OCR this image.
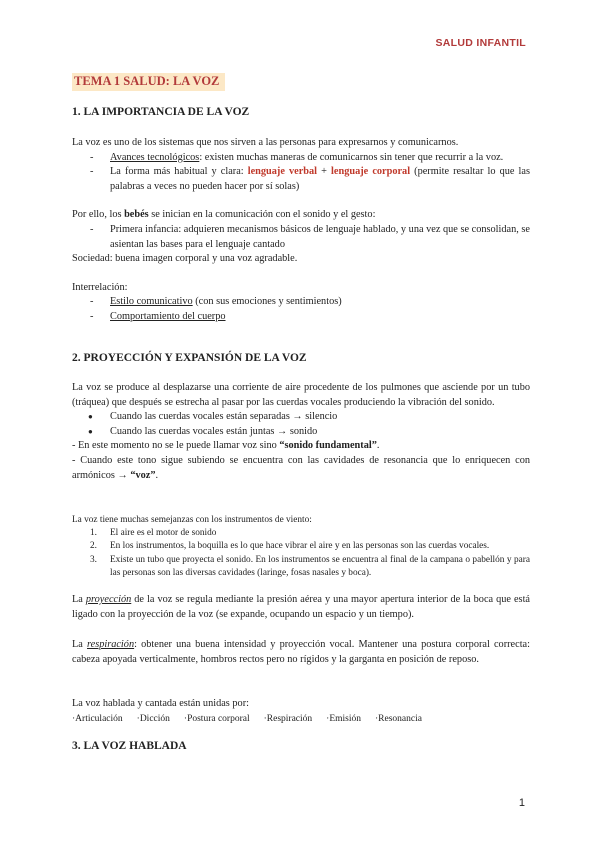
SALUD INFANTIL
TEMA 1 SALUD: LA VOZ
1. LA IMPORTANCIA DE LA VOZ
La voz es uno de los sistemas que nos sirven a las personas para expresarnos y comunicarnos.
- Avances tecnológicos: existen muchas maneras de comunicarnos sin tener que recurrir a la voz.
- La forma más habitual y clara: lenguaje verbal + lenguaje corporal (permite resaltar lo que las palabras a veces no pueden hacer por sí solas)
Por ello, los bebés se inician en la comunicación con el sonido y el gesto:
- Primera infancia: adquieren mecanismos básicos de lenguaje hablado, y una vez que se consolidan, se asientan las bases para el lenguaje cantado
Sociedad: buena imagen corporal y una voz agradable.
Interrelación:
- Estilo comunicativo (con sus emociones y sentimientos)
- Comportamiento del cuerpo
2. PROYECCIÓN Y EXPANSIÓN DE LA VOZ
La voz se produce al desplazarse una corriente de aire procedente de los pulmones que asciende por un tubo (tráquea) que después se estrecha al pasar por las cuerdas vocales produciendo la vibración del sonido.
● Cuando las cuerdas vocales están separadas → silencio
● Cuando las cuerdas vocales están juntas → sonido
- En este momento no se le puede llamar voz sino “sonido fundamental”.
- Cuando este tono sigue subiendo se encuentra con las cavidades de resonancia que lo enriquecen con armónicos → “voz”.
La voz tiene muchas semejanzas con los instrumentos de viento:
1. El aire es el motor de sonido
2. En los instrumentos, la boquilla es lo que hace vibrar el aire y en las personas son las cuerdas vocales.
3. Existe un tubo que proyecta el sonido. En los instrumentos se encuentra al final de la campana o pabellón y para las personas son las diversas cavidades (laringe, fosas nasales y boca).
La proyección de la voz se regula mediante la presión aérea y una mayor apertura interior de la boca que está ligado con la proyección de la voz (se expande, ocupando un espacio y un tiempo).
La respiración: obtener una buena intensidad y proyección vocal. Mantener una postura corporal correcta: cabeza apoyada verticalmente, hombros rectos pero no rígidos y la garganta en posición de reposo.
La voz hablada y cantada están unidas por:
·Articulación ·Dicción ·Postura corporal ·Respiración ·Emisión ·Resonancia
3. LA VOZ HABLADA
1
